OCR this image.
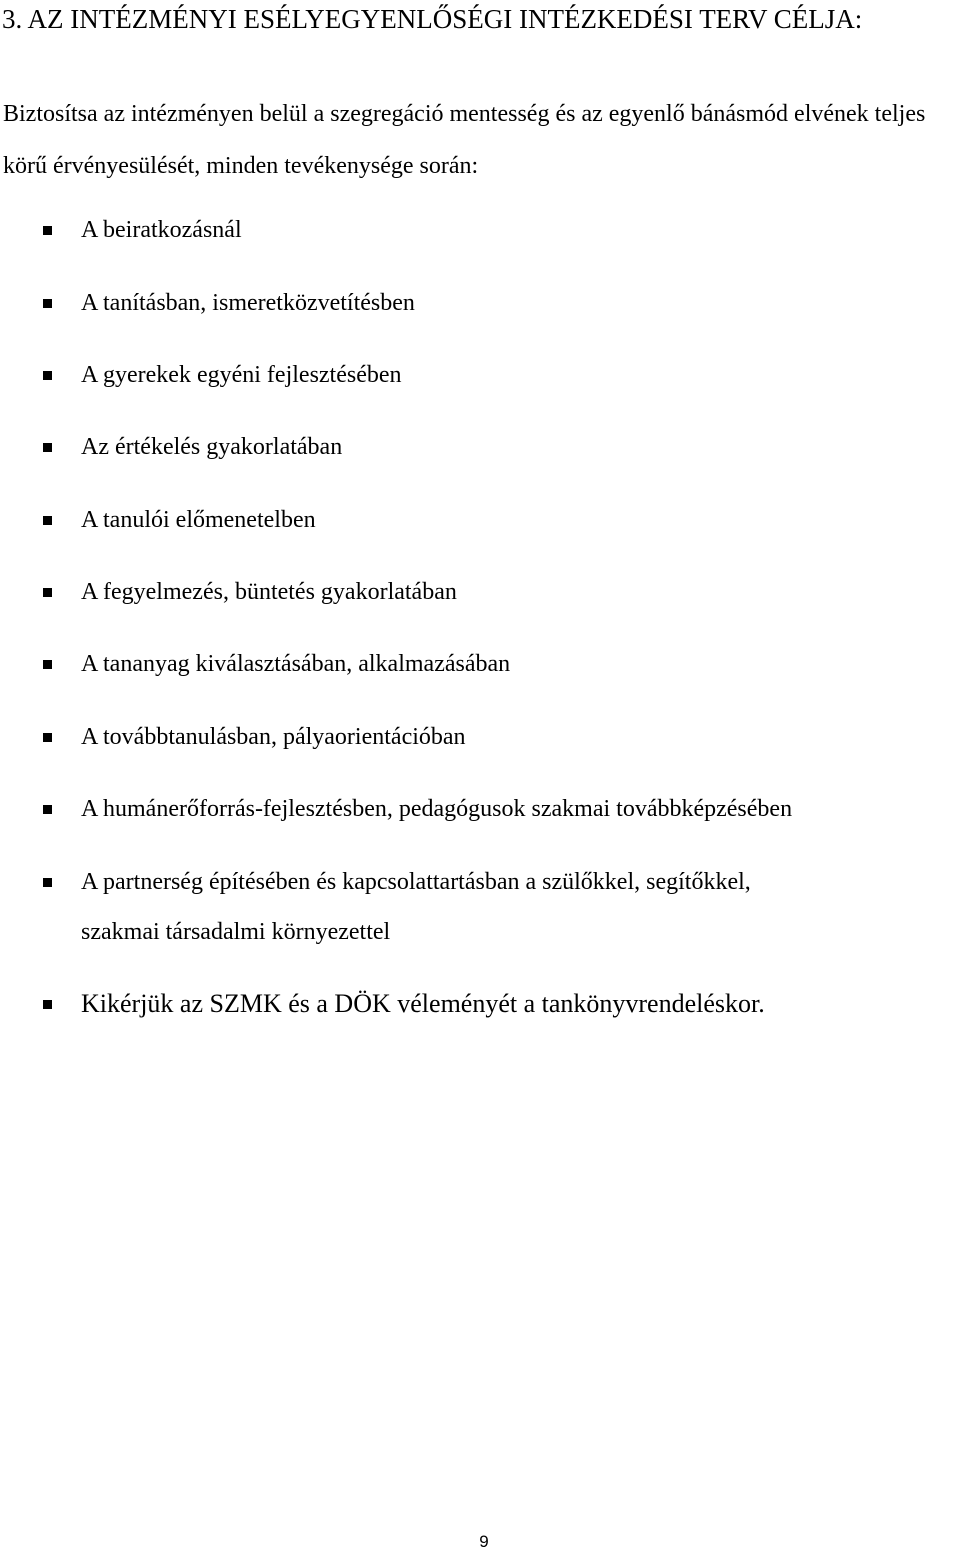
3. AZ INTÉZMÉNYI ESÉLYEGYENLŐSÉGI INTÉZKEDÉSI TERV CÉLJA:

Biztosítsa az intézményen belül a szegregáció mentesség és az egyenlő bánásmód elvének teljes körű érvényesülését, minden tevékenysége során:

A beiratkozásnál
A tanításban, ismeretközvetítésben
A gyerekek egyéni fejlesztésében
Az értékelés gyakorlatában
A tanulói előmenetelben
A fegyelmezés, büntetés gyakorlatában
A tananyag kiválasztásában, alkalmazásában
A továbbtanulásban, pályaorientációban
A humánerőforrás-fejlesztésben, pedagógusok szakmai továbbképzésében
A partnerség építésében és kapcsolattartásban a szülőkkel, segítőkkel,
szakmai társadalmi környezettel
Kikérjük az SZMK és a DÖK véleményét a tankönyvrendeléskor.
9
